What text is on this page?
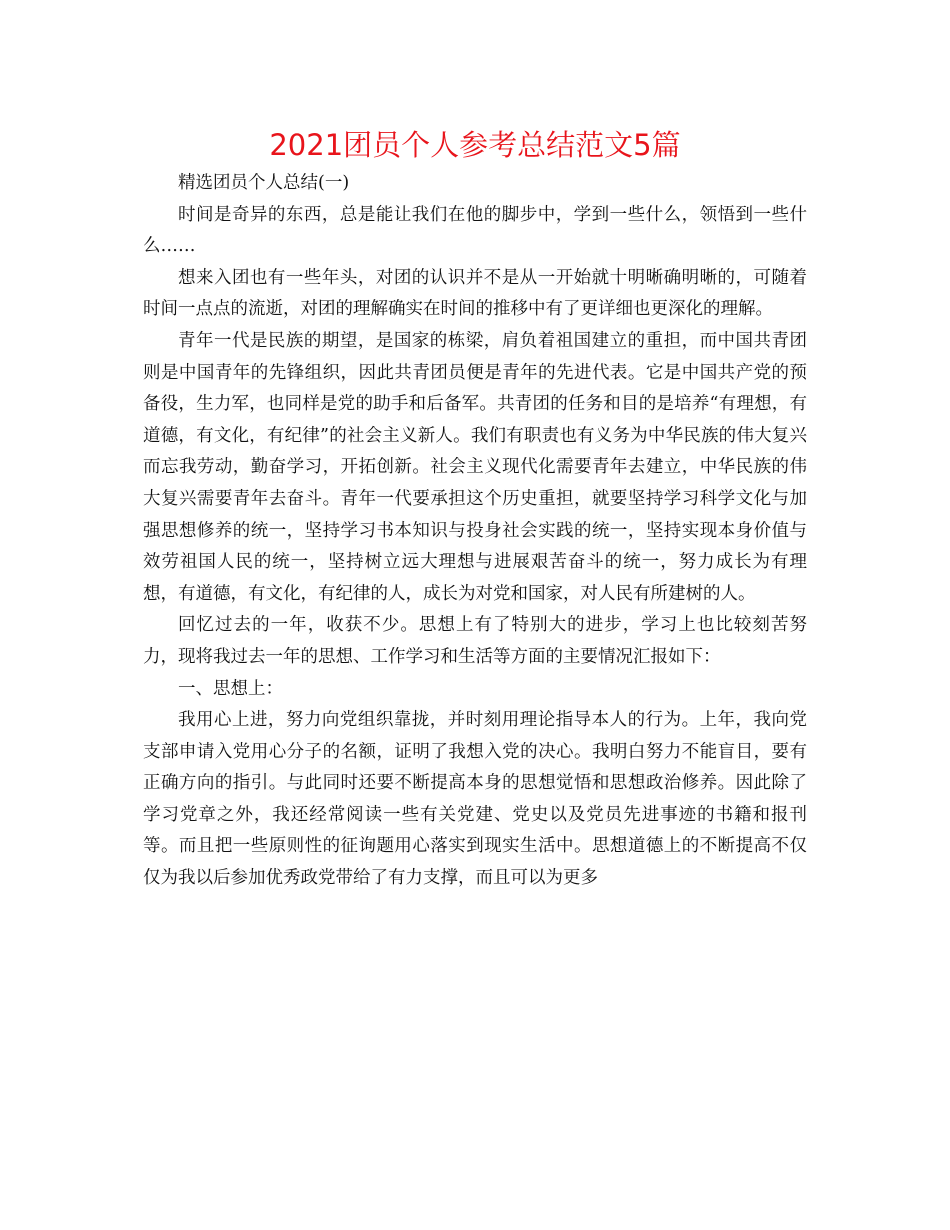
2021团员个人参考总结范文5篇

精选团员个人总结(一)

时间是奇异的东西，总是能让我们在他的脚步中，学到一些什么，领悟到一些什么……

想来入团也有一些年头，对团的认识并不是从一开始就十明晰确明晰的，可随着时间一点点的流逝，对团的理解确实在时间的推移中有了更详细也更深化的理解。

青年一代是民族的期望，是国家的栋梁，肩负着祖国建立的重担，而中国共青团则是中国青年的先锋组织，因此共青团员便是青年的先进代表。它是中国共产党的预备役，生力军，也同样是党的助手和后备军。共青团的任务和目的是培养“有理想，有道德，有文化，有纪律”的社会主义新人。我们有职责也有义务为中华民族的伟大复兴而忘我劳动，勤奋学习，开拓创新。社会主义现代化需要青年去建立，中华民族的伟大复兴需要青年去奋斗。青年一代要承担这个历史重担，就要坚持学习科学文化与加强思想修养的统一，坚持学习书本知识与投身社会实践的统一，坚持实现本身价值与效劳祖国人民的统一，坚持树立远大理想与进展艰苦奋斗的统一，努力成长为有理想，有道德，有文化，有纪律的人，成长为对党和国家，对人民有所建树的人。

回忆过去的一年，收获不少。思想上有了特别大的进步，学习上也比较刻苦努力，现将我过去一年的思想、工作学习和生活等方面的主要情况汇报如下：

一、思想上：

我用心上进，努力向党组织靠拢，并时刻用理论指导本人的行为。上年，我向党支部申请入党用心分子的名额，证明了我想入党的决心。我明白努力不能盲目，要有正确方向的指引。与此同时还要不断提高本身的思想觉悟和思想政治修养。因此除了学习党章之外，我还经常阅读一些有关党建、党史以及党员先进事迹的书籍和报刊等。而且把一些原则性的征询题用心落实到现实生活中。思想道德上的不断提高不仅仅为我以后参加优秀政党带给了有力支撑，而且可以为更多
